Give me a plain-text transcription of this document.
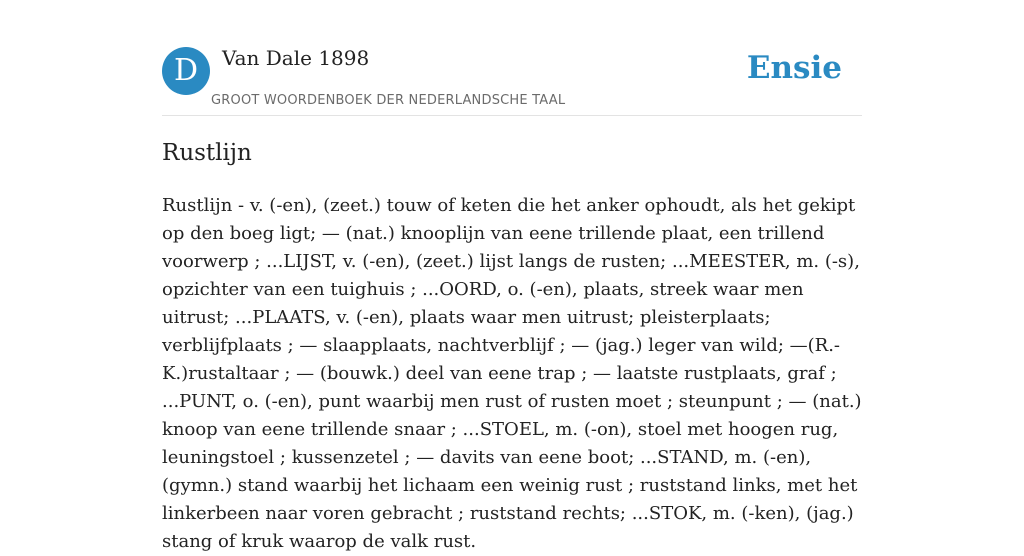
D	Van Dale 1898
GROOT WOORDENBOEK DER NEDERLANDSCHE TAAL
Ensie
Rustlijn

Rustlijn - v. (-en), (zeet.) touw of keten die het anker ophoudt, als het gekipt op den boeg ligt; — (nat.) knooplijn van eene trillende plaat, een trillend voorwerp ; ...LIJST, v. (-en), (zeet.) lijst langs de rusten; ...MEESTER, m. (-s), opzichter van een tuighuis ; ...OORD, o. (-en), plaats, streek waar men uitrust; ...PLAATS, v. (-en), plaats waar men uitrust; pleisterplaats; verblijfplaats ; — slaapplaats, nachtverblijf ; — (jag.) leger van wild; —(R.-K.)rustaltaar ; — (bouwk.) deel van eene trap ; — laatste rustplaats, graf ; ...PUNT, o. (-en), punt waarbij men rust of rusten moet ; steunpunt ; — (nat.) knoop van eene trillende snaar ; ...STOEL, m. (-on), stoel met hoogen rug, leuningstoel ; kussenzetel ; — davits van eene boot; ...STAND, m. (-en), (gymn.) stand waarbij het lichaam een weinig rust ; ruststand links, met het linkerbeen naar voren gebracht ; ruststand rechts; ...STOK, m. (-ken), (jag.) stang of kruk waarop de valk rust.
